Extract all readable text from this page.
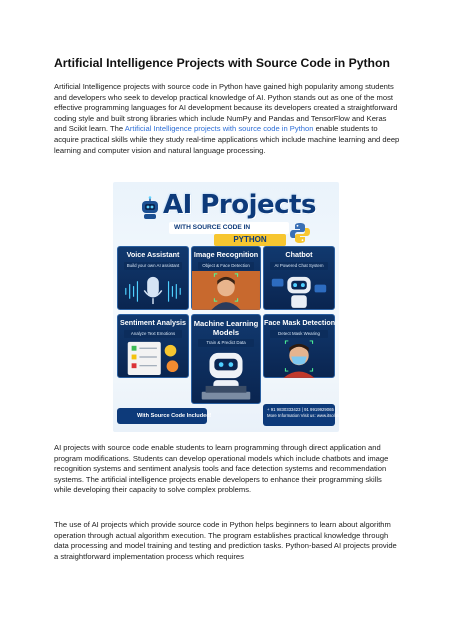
Artificial Intelligence Projects with Source Code in Python

Artificial Intelligence projects with source code in Python have gained high popularity among students and developers who seek to develop practical knowledge of AI. Python stands out as one of the most effective programming languages for AI development because its developers created a straightforward coding style and built strong libraries which include NumPy and Pandas and TensorFlow and Keras and Scikit learn. The Artificial Intelligence projects with source code in Python enable students to acquire practical skills while they study real-time applications which include machine learning and deep learning and computer vision and natural language processing.

AI Projects
WITH SOURCE CODE IN
PYTHON
Voice Assistant
Build your own AI assistant
Image Recognition
Object & Face Detection
Chatbot
AI Powered Chat System
Sentiment Analysis
Analyze Text Emotions
Machine Learning Models
Train & Predict Data
Face Mask Detection
Detect Mask Wearing
With Source Code Included!
+ 91 9830333423 | 91 9919929065
More Information Visit us: www.itsolutionsnova.com

AI projects with source code enable students to learn programming through direct application and program modifications. Students can develop operational models which include chatbots and image recognition systems and sentiment analysis tools and face detection systems and recommendation systems. The artificial intelligence projects enable developers to enhance their programming skills while developing their capacity to solve complex problems.

The use of AI projects which provide source code in Python helps beginners to learn about algorithm operation through actual algorithm execution. The program establishes practical knowledge through data processing and model training and testing and prediction tasks. Python-based AI projects provide a straightforward implementation process which requires
